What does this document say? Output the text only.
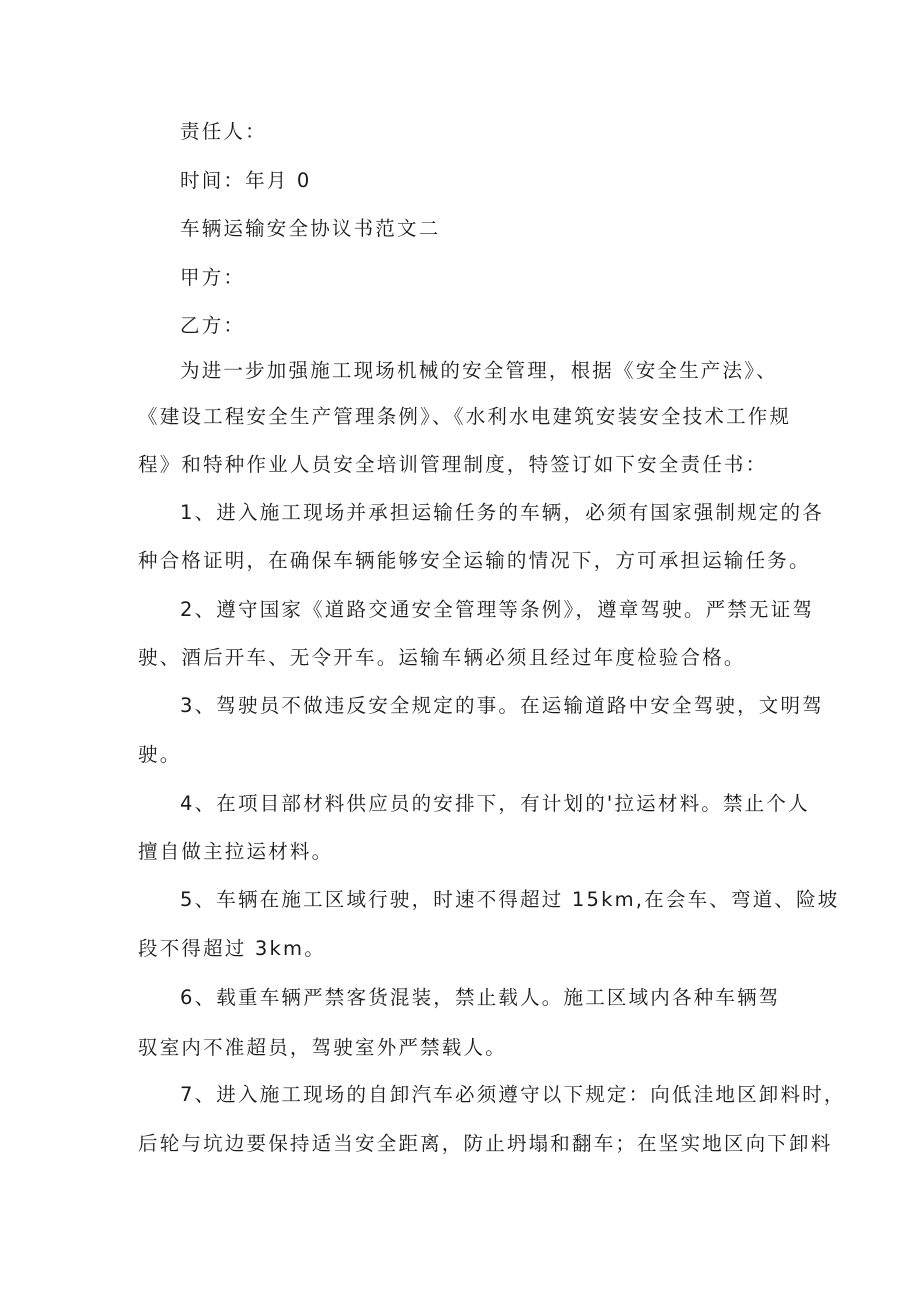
责任人：
时间：年月 0
车辆运输安全协议书范文二
甲方：
乙方：
为进一步加强施工现场机械的安全管理，根据《安全生产法》、
《建设工程安全生产管理条例》、《水利水电建筑安装安全技术工作规
程》和特种作业人员安全培训管理制度，特签订如下安全责任书：
1、进入施工现场并承担运输任务的车辆，必须有国家强制规定的各
种合格证明，在确保车辆能够安全运输的情况下，方可承担运输任务。
2、遵守国家《道路交通安全管理等条例》，遵章驾驶。严禁无证驾
驶、酒后开车、无令开车。运输车辆必须且经过年度检验合格。
3、驾驶员不做违反安全规定的事。在运输道路中安全驾驶，文明驾
驶。
4、在项目部材料供应员的安排下，有计划的'拉运材料。禁止个人
擅自做主拉运材料。
5、车辆在施工区域行驶，时速不得超过 15km,在会车、弯道、险坡
段不得超过 3km。
6、载重车辆严禁客货混装，禁止载人。施工区域内各种车辆驾
驭室内不准超员，驾驶室外严禁载人。
7、进入施工现场的自卸汽车必须遵守以下规定：向低洼地区卸料时，
后轮与坑边要保持适当安全距离，防止坍塌和翻车；在坚实地区向下卸料
